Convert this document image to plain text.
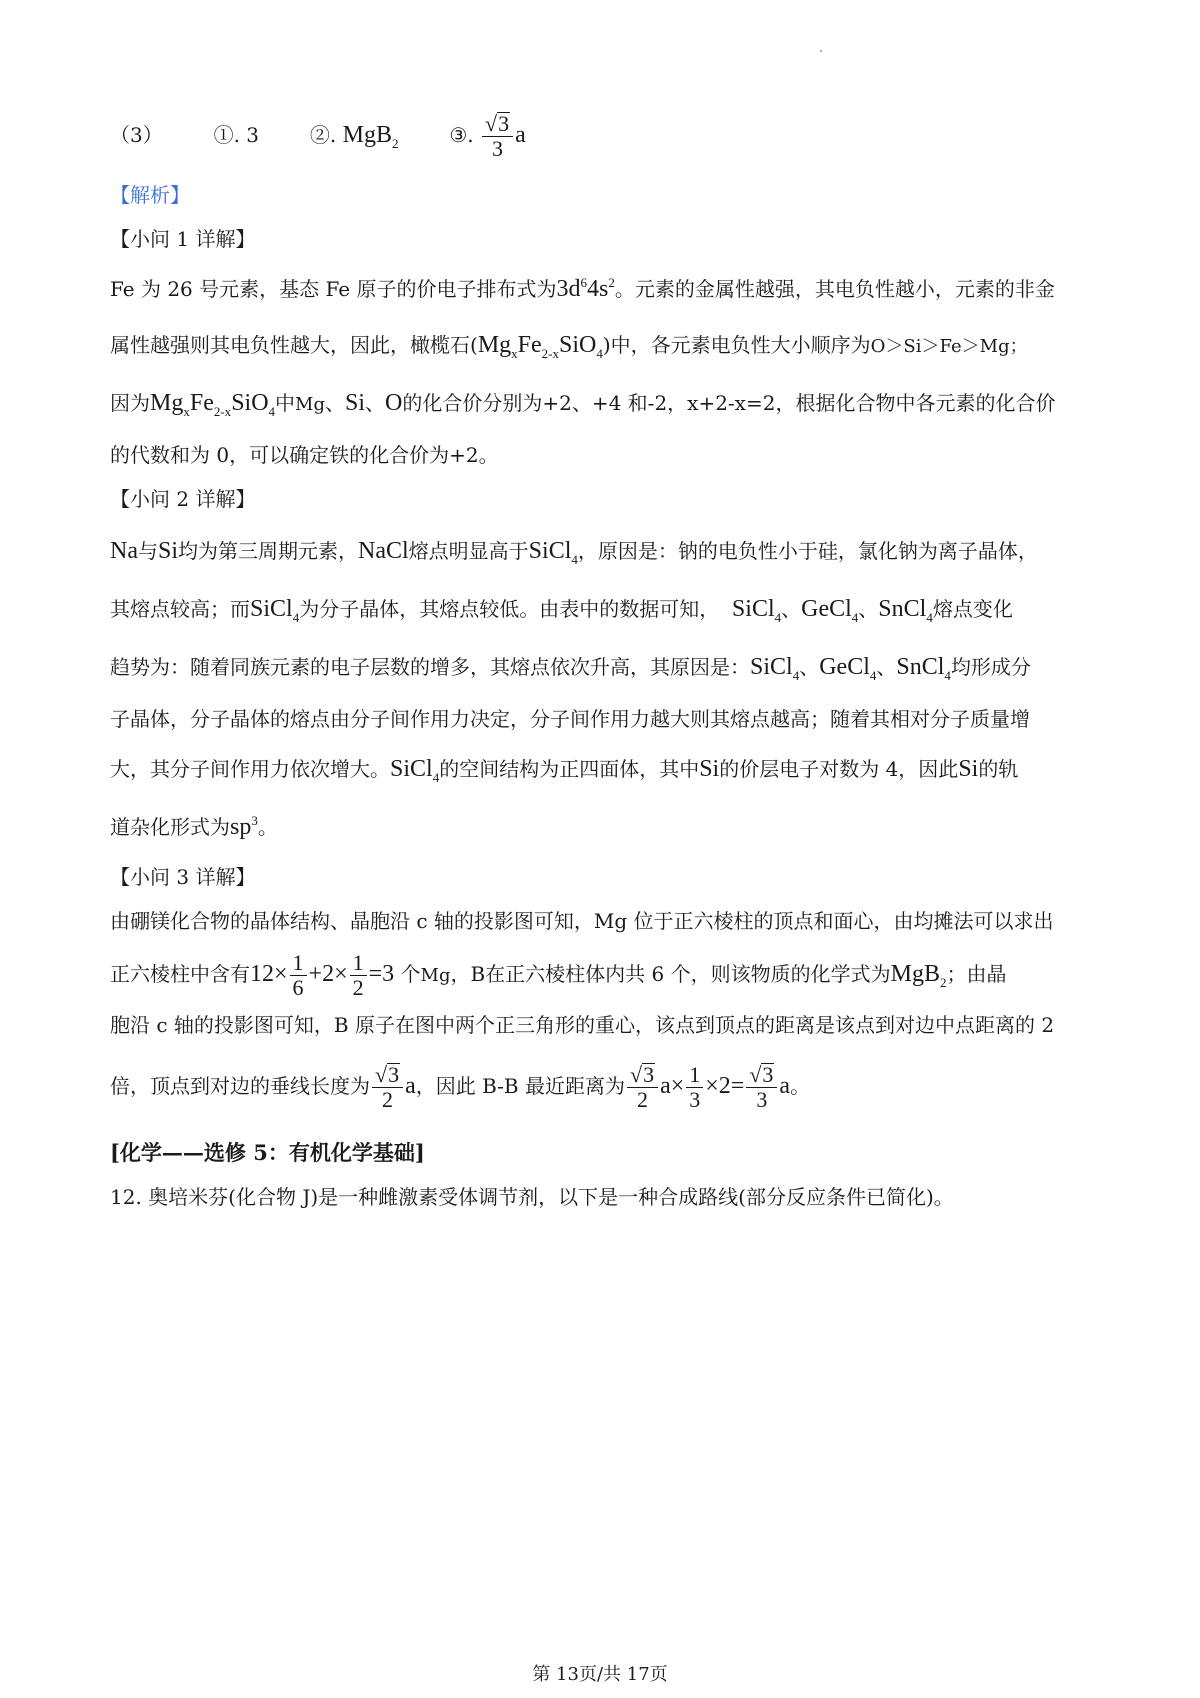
（3）	①. 3	②. MgB$_2$	③. $\frac{√ 3}{3}$ a
【解析】
【小问 1 详解】
Fe 为 26 号元素，基态 Fe 原子的价电子排布式为$3d^64s^2$。元素的金属性越强，其电负性越小，元素的非金
属性越强则其电负性越大，因此，橄榄石$(Mg_xFe_{2-x}SiO_4)$中，各元素电负性大小顺序为O＞Si＞Fe＞Mg；
因为$Mg_xFe_{2-x}SiO_4$中Mg、Si、O的化合价分别为+2、+4 和-2，x+2-x=2，根据化合物中各元素的化合价
的代数和为 0，可以确定铁的化合价为+2。
【小问 2 详解】
Na与Si均为第三周期元素，NaCl熔点明显高于SiCl$_4$，原因是：钠的电负性小于硅，氯化钠为离子晶体，
其熔点较高；而SiCl$_4$为分子晶体，其熔点较低。由表中的数据可知， SiCl$_4$、GeCl$_4$、SnCl$_4$熔点变化
趋势为：随着同族元素的电子层数的增多，其熔点依次升高，其原因是：SiCl$_4$、GeCl$_4$、SnCl$_4$均形成分
子晶体，分子晶体的熔点由分子间作用力决定，分子间作用力越大则其熔点越高；随着其相对分子质量增
大，其分子间作用力依次增大。SiCl$_4$的空间结构为正四面体，其中Si的价层电子对数为 4，因此Si的轨
道杂化形式为$sp^3$。
【小问 3 详解】
由硼镁化合物的晶体结构、晶胞沿 c 轴的投影图可知，Mg 位于正六棱柱的顶点和面心，由均摊法可以求出
正六棱柱中含有$12\times \frac{1}{6} +2\times \frac{1}{2} =3$ 个Mg，B在正六棱柱体内共 6 个，则该物质的化学式为MgB$_2$；由晶
胞沿 c 轴的投影图可知，B 原子在图中两个正三角形的重心，该点到顶点的距离是该点到对边中点距离的 2
倍，顶点到对边的垂线长度为 $\frac{√ 3}{2}$ a，因此 B-B 最近距离为 $\frac{√ 3}{2} a\times \frac{1}{3} \times 2= \frac{√ 3}{3}$ a。
[化学——选修 5：有机化学基础]
12. 奥培米芬(化合物 J)是一种雌激素受体调节剂，以下是一种合成路线(部分反应条件已简化)。
第 13页/共 17页
